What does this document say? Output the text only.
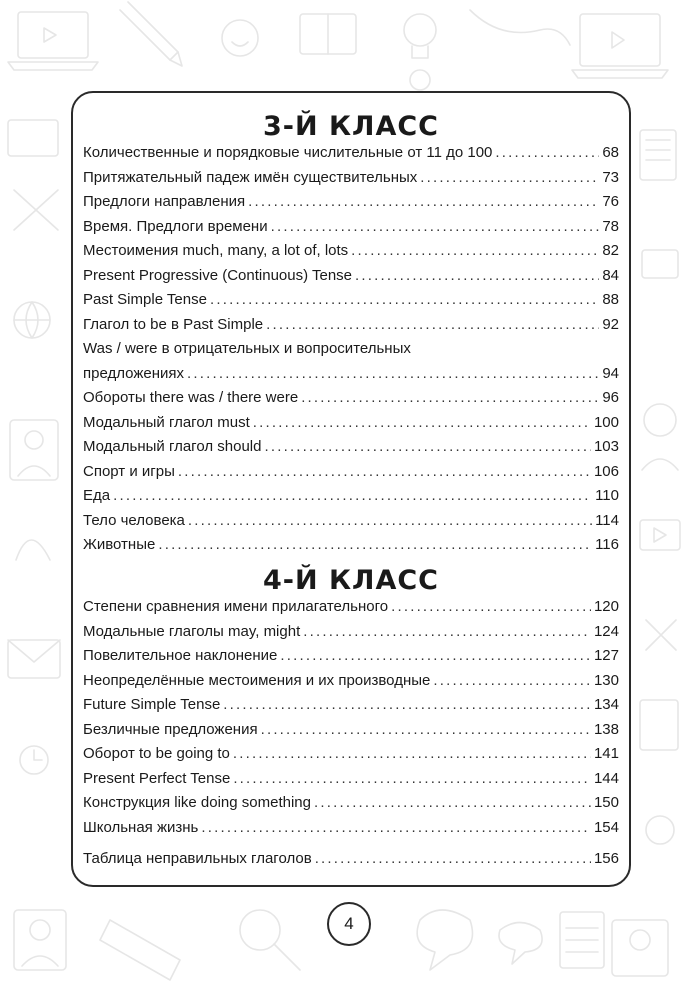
3-Й КЛАСС
Количественные и порядковые числительные от 11 до 100 .....	68
Притяжательный падеж имён существительных .....	73
Предлоги направления .....	76
Время. Предлоги времени .....	78
Местоимения much, many, a lot of, lots .....	82
Present Progressive (Continuous) Tense .....	84
Past Simple Tense .....	88
Глагол to be в Past Simple .....	92
Was / were в отрицательных и вопросительных
предложениях .....	94
Обороты there was / there were .....	96
Модальный глагол must .....	100
Модальный глагол should .....	103
Спорт и игры .....	106
Еда .....	110
Тело человека .....	114
Животные .....	116
4-Й КЛАСС
Степени сравнения имени прилагательного .....	120
Модальные глаголы may, might .....	124
Повелительное наклонение .....	127
Неопределённые местоимения и их производные .....	130
Future Simple Tense .....	134
Безличные предложения .....	138
Оборот to be going to .....	141
Present Perfect Tense .....	144
Конструкция like doing something .....	150
Школьная жизнь .....	154
Таблица неправильных глаголов .....	156
4
